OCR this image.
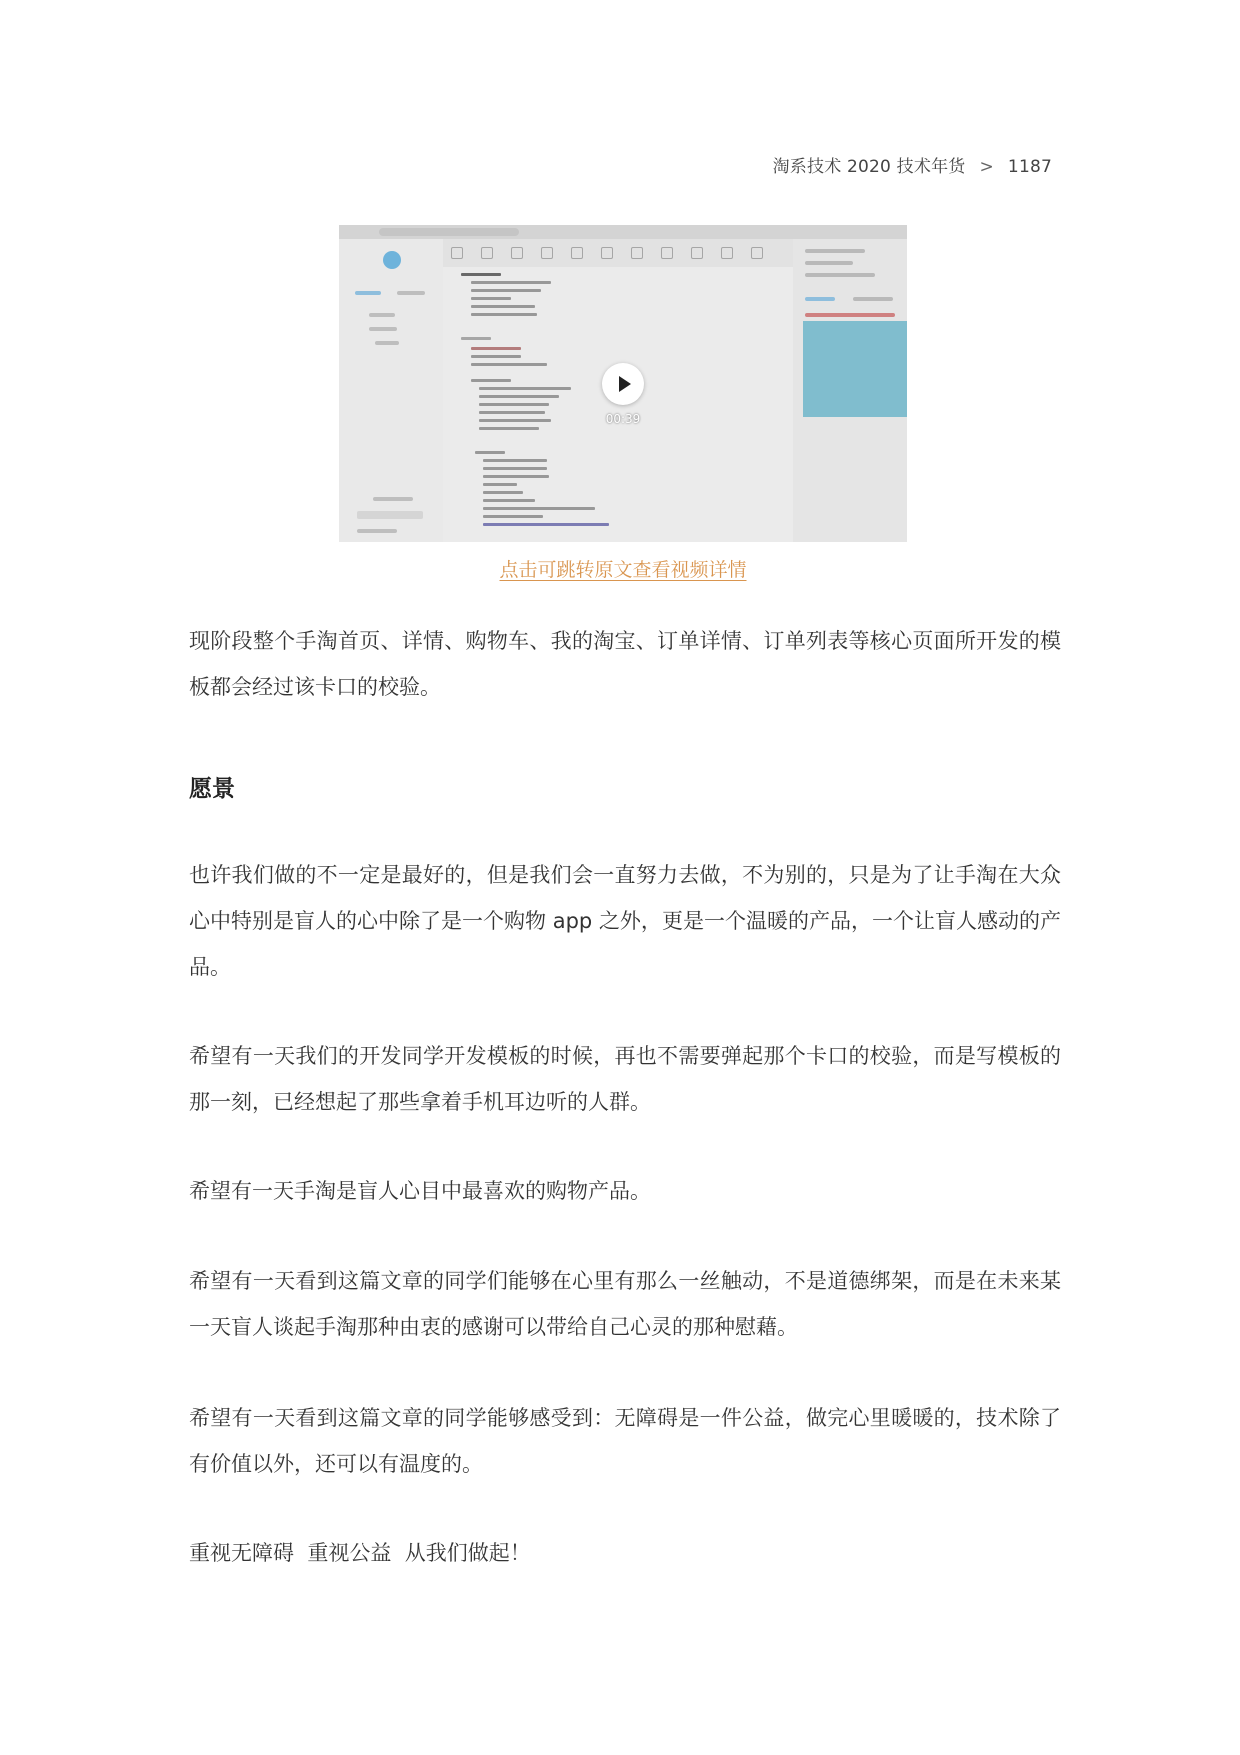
淘系技术 2020 技术年货 > 1187
00:39
点击可跳转原文查看视频详情

现阶段整个手淘首页、详情、购物车、我的淘宝、订单详情、订单列表等核心页面所开发的模板都会经过该卡口的校验。

愿景

也许我们做的不一定是最好的，但是我们会一直努力去做，不为别的，只是为了让手淘在大众心中特别是盲人的心中除了是一个购物 app 之外，更是一个温暖的产品，一个让盲人感动的产品。

希望有一天我们的开发同学开发模板的时候，再也不需要弹起那个卡口的校验，而是写模板的那一刻，已经想起了那些拿着手机耳边听的人群。

希望有一天手淘是盲人心目中最喜欢的购物产品。

希望有一天看到这篇文章的同学们能够在心里有那么一丝触动，不是道德绑架，而是在未来某一天盲人谈起手淘那种由衷的感谢可以带给自己心灵的那种慰藉。

希望有一天看到这篇文章的同学能够感受到：无障碍是一件公益，做完心里暖暖的，技术除了有价值以外，还可以有温度的。

重视无障碍  重视公益  从我们做起！
